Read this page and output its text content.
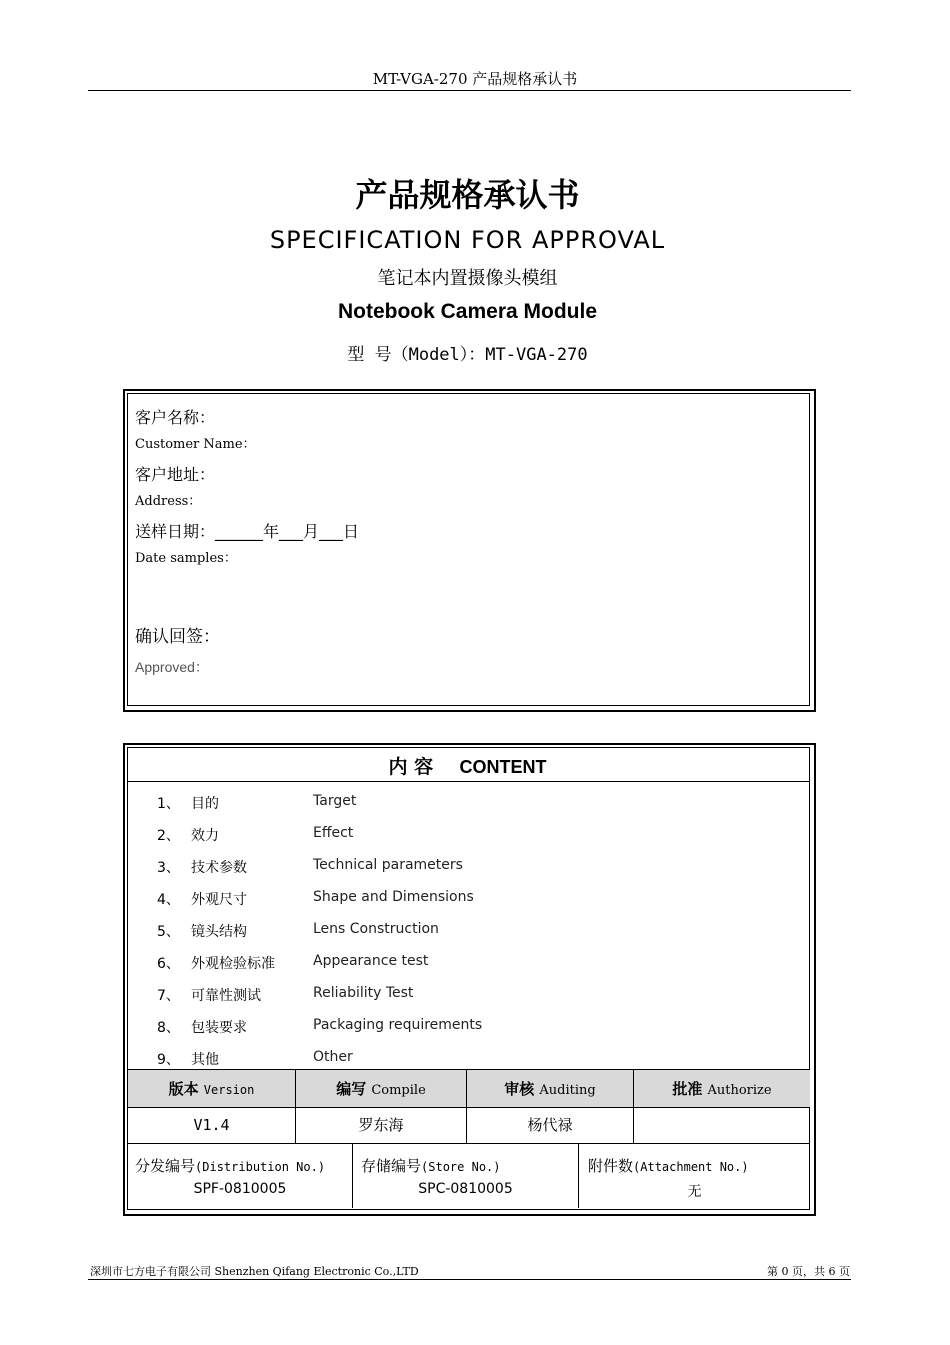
MT-VGA-270 产品规格承认书
产品规格承认书
SPECIFICATION FOR APPROVAL
笔记本内置摄像头模组
Notebook Camera Module
型 号（Model）：MT-VGA-270
客户名称：
Customer Name：
客户地址：
Address：
送样日期：______年___月___日
Date samples：
确认回签：
Approved：
内 容 CONTENT
1、 目的	Target
2、 效力	Effect
3、 技术参数	Technical parameters
4、 外观尺寸	Shape and Dimensions
5、 镜头结构	Lens Construction
6、 外观检验标准	Appearance test
7、 可靠性测试	Reliability Test
8、 包装要求	Packaging requirements
9、 其他	Other
版本 Version	编写 Compile	审核 Auditing	批准 Authorize
V1.4	罗东海	杨代禄
分发编号(Distribution No.)
SPF-0810005
存储编号(Store No.)
SPC-0810005
附件数(Attachment No.)
无
深圳市七方电子有限公司 Shenzhen Qifang Electronic Co.,LTD	第 0 页，共 6 页
